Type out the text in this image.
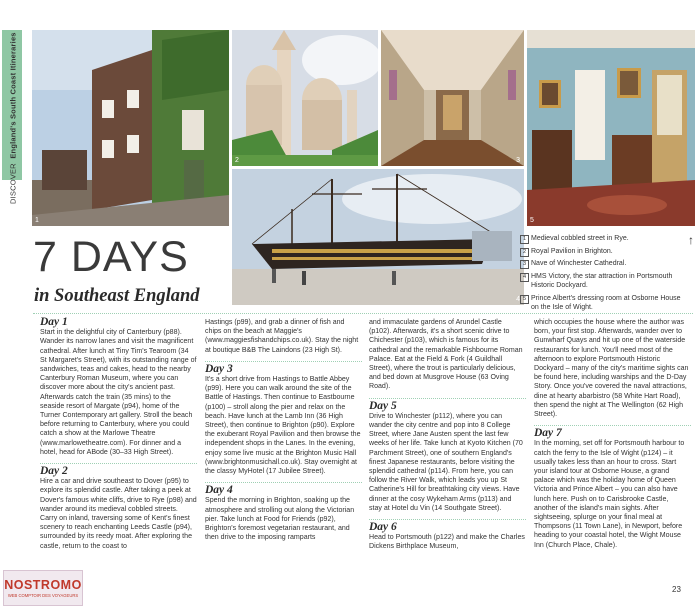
DISCOVER  England's South Coast Itineraries
1
2	3
5
4
7 DAYS
in Southeast England
1 Medieval cobbled street in Rye.
2 Royal Pavilion in Brighton.
3 Nave of Winchester Cathedral.
4 HMS Victory, the star attraction in Portsmouth Historic Dockyard.
5 Prince Albert's dressing room at Osborne House on the Isle of Wight.
↑
Day 1

Start in the delightful city of Canterbury (p88). Wander its narrow lanes and visit the magnificent cathedral. After lunch at Tiny Tim's Tearoom (34 St Margaret's Street), with its outstanding range of sandwiches, teas and cakes, head to the nearby Canterbury Roman Museum, where you can discover more about the city's ancient past. Afterwards catch the train (35 mins) to the seaside resort of Margate (p94), home of the Turner Contemporary art gallery. Stroll the beach before returning to Canterbury, where you could catch a show at the Marlowe Theatre (www.marlowetheatre.com). For dinner and a hotel, head for ABode (30–33 High Street).

Day 2

Hire a car and drive southeast to Dover (p95) to explore its splendid castle. After taking a peek at Dover's famous white cliffs, drive to Rye (p98) and wander around its medieval cobbled streets. Carry on inland, traversing some of Kent's finest scenery to reach enchanting Leeds Castle (p94), surrounded by its reedy moat. After exploring the castle, return to the coast to

Hastings (p99), and grab a dinner of fish and chips on the beach at Maggie's (www.maggiesfishandchips.co.uk). Stay the night at boutique B&B The Laindons (23 High St).

Day 3

It's a short drive from Hastings to Battle Abbey (p99). Here you can walk around the site of the Battle of Hastings. Then continue to Eastbourne (p100) – stroll along the pier and relax on the beach. Have lunch at the Lamb Inn (36 High Street), then continue to Brighton (p90). Explore the exuberant Royal Pavilion and then browse the independent shops in the Lanes. In the evening, enjoy some live music at the Brighton Music Hall (www.brightonmusichall.co.uk). Stay overnight at the classy MyHotel (17 Jubilee Street).

Day 4

Spend the morning in Brighton, soaking up the atmosphere and strolling out along the Victorian pier. Take lunch at Food for Friends (p92), Brighton's foremost vegetarian restaurant, and then drive to the imposing ramparts

and immaculate gardens of Arundel Castle (p102). Afterwards, it's a short scenic drive to Chichester (p103), which is famous for its cathedral and the remarkable Fishbourne Roman Palace. Eat at the Field & Fork (4 Guildhall Street), where the trout is particularly delicious, and bed down at Musgrove House (63 Oving Road).

Day 5

Drive to Winchester (p112), where you can wander the city centre and pop into 8 College Street, where Jane Austen spent the last few weeks of her life. Take lunch at Kyoto Kitchen (70 Parchment Street), one of southern England's finest Japanese restaurants, before visiting the splendid cathedral (p114). From here, you can follow the River Walk, which leads you up St Catherine's Hill for breathtaking city views. Have dinner at the cosy Wykeham Arms (p113) and stay at Hotel du Vin (14 Southgate Street).

Day 6

Head to Portsmouth (p122) and make the Charles Dickens Birthplace Museum,

which occupies the house where the author was born, your first stop. Afterwards, wander over to Gunwharf Quays and hit up one of the waterside restaurants for lunch. You'll need most of the afternoon to explore Portsmouth Historic Dockyard – many of the city's maritime sights can be found here, including warships and the D-Day Story. Once you've covered the naval attractions, dine at hearty abarbistro (58 White Hart Road), then spend the night at The Wellington (62 High Street).

Day 7

In the morning, set off for Portsmouth harbour to catch the ferry to the Isle of Wight (p124) – it usually takes less than an hour to cross. Start your island tour at Osborne House, a grand palace which was the holiday home of Queen Victoria and Prince Albert – you can also have lunch here. Push on to Carisbrooke Castle, another of the island's main sights. After sightseeing, splurge on your final meal at Thompsons (11 Town Lane), in Newport, before heading to your coastal hotel, the Wight Mouse Inn (Church Place, Chale).

23
NOSTROMO
WEB COMPTOIR DES VOYAGEURS
